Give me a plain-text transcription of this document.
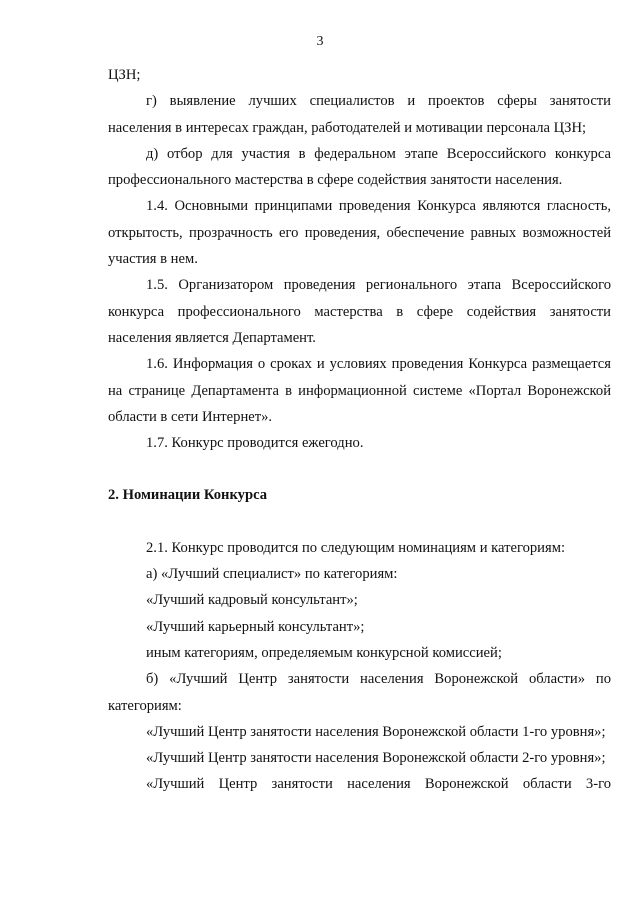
3

ЦЗН;

г) выявление лучших специалистов и проектов сферы занятости населения в интересах граждан, работодателей и мотивации персонала ЦЗН;

д) отбор для участия в федеральном этапе Всероссийского конкурса профессионального мастерства в сфере содействия занятости населения.

1.4. Основными принципами проведения Конкурса являются гласность, открытость, прозрачность его проведения, обеспечение равных возможностей участия в нем.

1.5. Организатором проведения регионального этапа Всероссийского конкурса профессионального мастерства в сфере содействия занятости населения является Департамент.

1.6. Информация о сроках и условиях проведения Конкурса размещается на странице Департамента в информационной системе «Портал Воронежской области в сети Интернет».

1.7. Конкурс проводится ежегодно.

2. Номинации Конкурса

2.1. Конкурс проводится по следующим номинациям и категориям:

а) «Лучший специалист» по категориям:

«Лучший кадровый консультант»;

«Лучший карьерный консультант»;

иным категориям, определяемым конкурсной комиссией;

б) «Лучший Центр занятости населения Воронежской области» по категориям:

«Лучший Центр занятости населения Воронежской области 1-го уровня»;

«Лучший Центр занятости населения Воронежской области 2-го уровня»;

«Лучший Центр занятости населения Воронежской области 3-го
